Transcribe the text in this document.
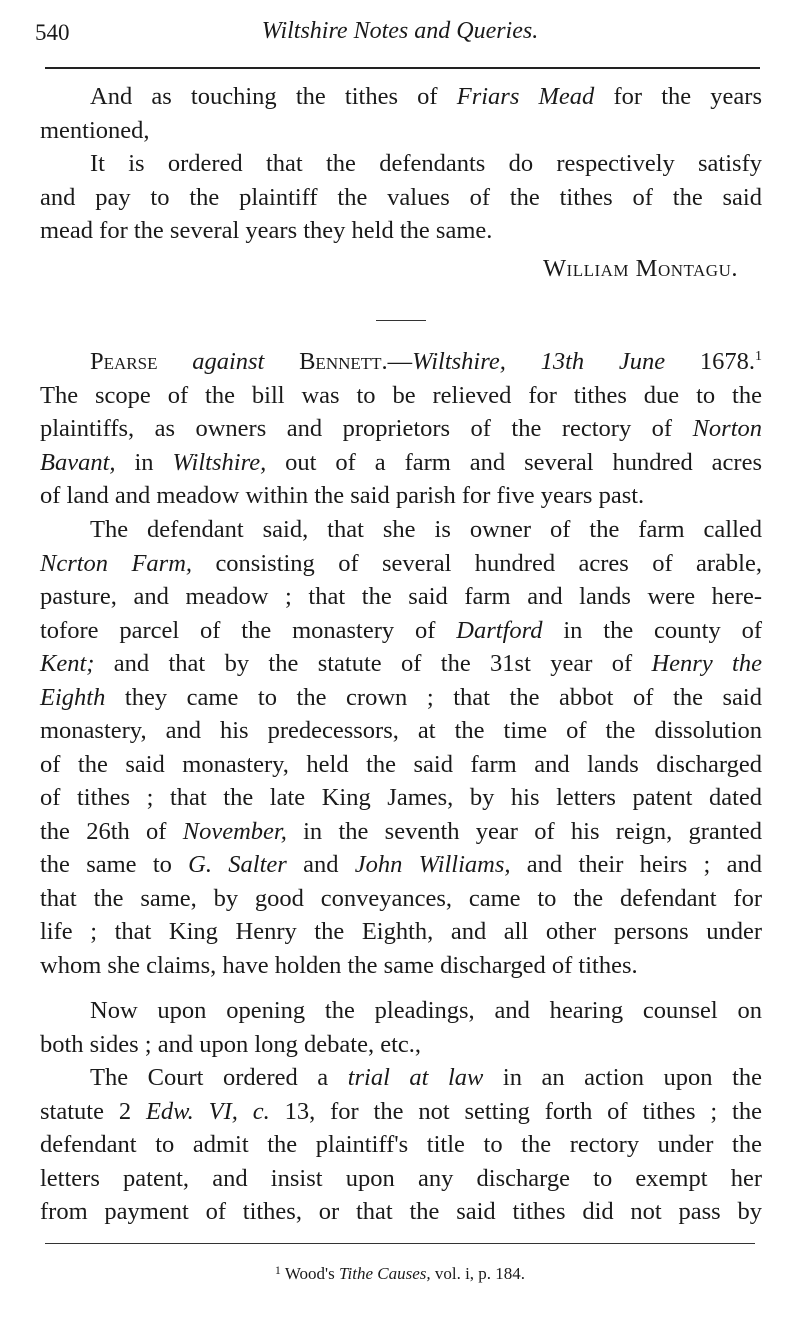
540	Wiltshire Notes and Queries.
And as touching the tithes of Friars Mead for the years
mentioned,
It is ordered that the defendants do respectively satisfy
and pay to the plaintiff the values of the tithes of the said
mead for the several years they held the same.
William Montagu.
Pearse against Bennett.—Wiltshire, 13th June 1678.$^1$
The scope of the bill was to be relieved for tithes due to the
plaintiffs, as owners and proprietors of the rectory of Norton
Bavant, in Wiltshire, out of a farm and several hundred acres
of land and meadow within the said parish for five years past.
The defendant said, that she is owner of the farm called
Ncrton Farm, consisting of several hundred acres of arable,
pasture, and meadow ; that the said farm and lands were here-
tofore parcel of the monastery of Dartford in the county of
Kent; and that by the statute of the 31st year of Henry the
Eighth they came to the crown ; that the abbot of the said
monastery, and his predecessors, at the time of the dissolution
of the said monastery, held the said farm and lands discharged
of tithes ; that the late King James, by his letters patent dated
the 26th of November, in the seventh year of his reign, granted
the same to G. Salter and John Williams, and their heirs ; and
that the same, by good conveyances, came to the defendant for
life ; that King Henry the Eighth, and all other persons under
whom she claims, have holden the same discharged of tithes.
Now upon opening the pleadings, and hearing counsel on
both sides ; and upon long debate, etc.,
The Court ordered a trial at law in an action upon the
statute 2 Edw. VI, c. 13, for the not setting forth of tithes ; the
defendant to admit the plaintiff's title to the rectory under the
letters patent, and insist upon any discharge to exempt her
from payment of tithes, or that the said tithes did not pass by
$^1$ Wood's Tithe Causes, vol. i, p. 184.
